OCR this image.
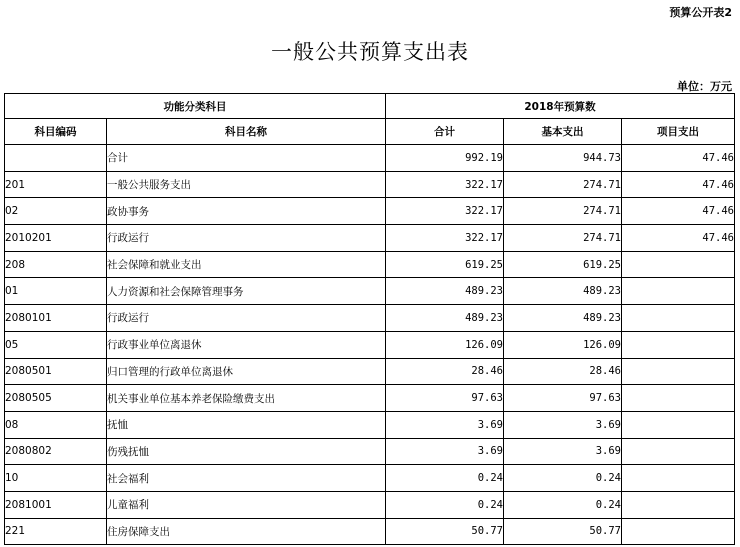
预算公开表2
一般公共预算支出表
单位：万元
功能分类科目		2018年预算数		
科目编码	科目名称	合计	基本支出	项目支出
	合计	992.19	944.73	47.46
201	一般公共服务支出	322.17	274.71	47.46
02	政协事务	322.17	274.71	47.46
2010201	行政运行	322.17	274.71	47.46
208	社会保障和就业支出	619.25	619.25	
01	人力资源和社会保障管理事务	489.23	489.23	
2080101	行政运行	489.23	489.23	
05	行政事业单位离退休	126.09	126.09	
2080501	归口管理的行政单位离退休	28.46	28.46	
2080505	机关事业单位基本养老保险缴费支出	97.63	97.63	
08	抚恤	3.69	3.69	
2080802	伤残抚恤	3.69	3.69	
10	社会福利	0.24	0.24	
2081001	儿童福利	0.24	0.24	
221	住房保障支出	50.77	50.77	
